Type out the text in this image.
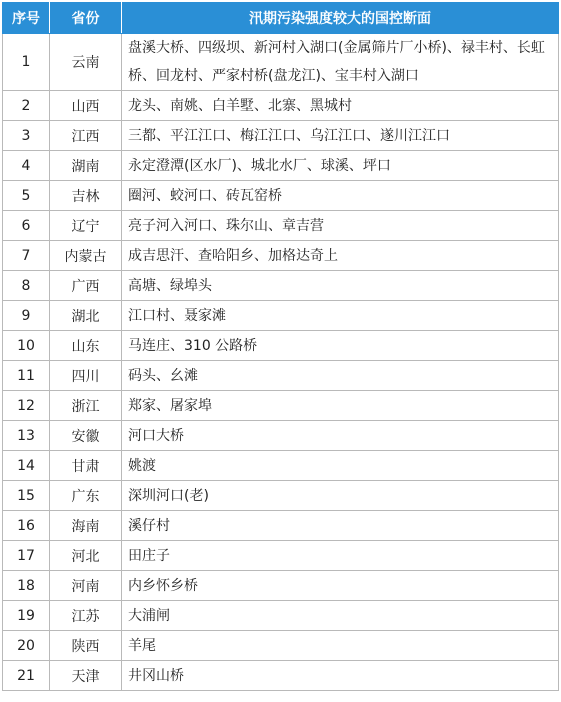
序号	省份	汛期污染强度较大的国控断面
1	云南	盘溪大桥、四级坝、新河村入湖口(金属筛片厂小桥)、禄丰村、长虹桥、回龙村、严家村桥(盘龙江)、宝丰村入湖口
2	山西	龙头、南姚、白羊墅、北寨、黑城村
3	江西	三都、平江江口、梅江江口、乌江江口、遂川江江口
4	湖南	永定澄潭(区水厂)、城北水厂、球溪、坪口
5	吉林	圈河、蛟河口、砖瓦窑桥
6	辽宁	亮子河入河口、珠尔山、章吉营
7	内蒙古	成吉思汗、查哈阳乡、加格达奇上
8	广西	高塘、绿埠头
9	湖北	江口村、聂家滩
10	山东	马连庄、310 公路桥
11	四川	码头、幺滩
12	浙江	郑家、屠家埠
13	安徽	河口大桥
14	甘肃	姚渡
15	广东	深圳河口(老)
16	海南	溪仔村
17	河北	田庄子
18	河南	内乡怀乡桥
19	江苏	大浦闸
20	陕西	羊尾
21	天津	井冈山桥
